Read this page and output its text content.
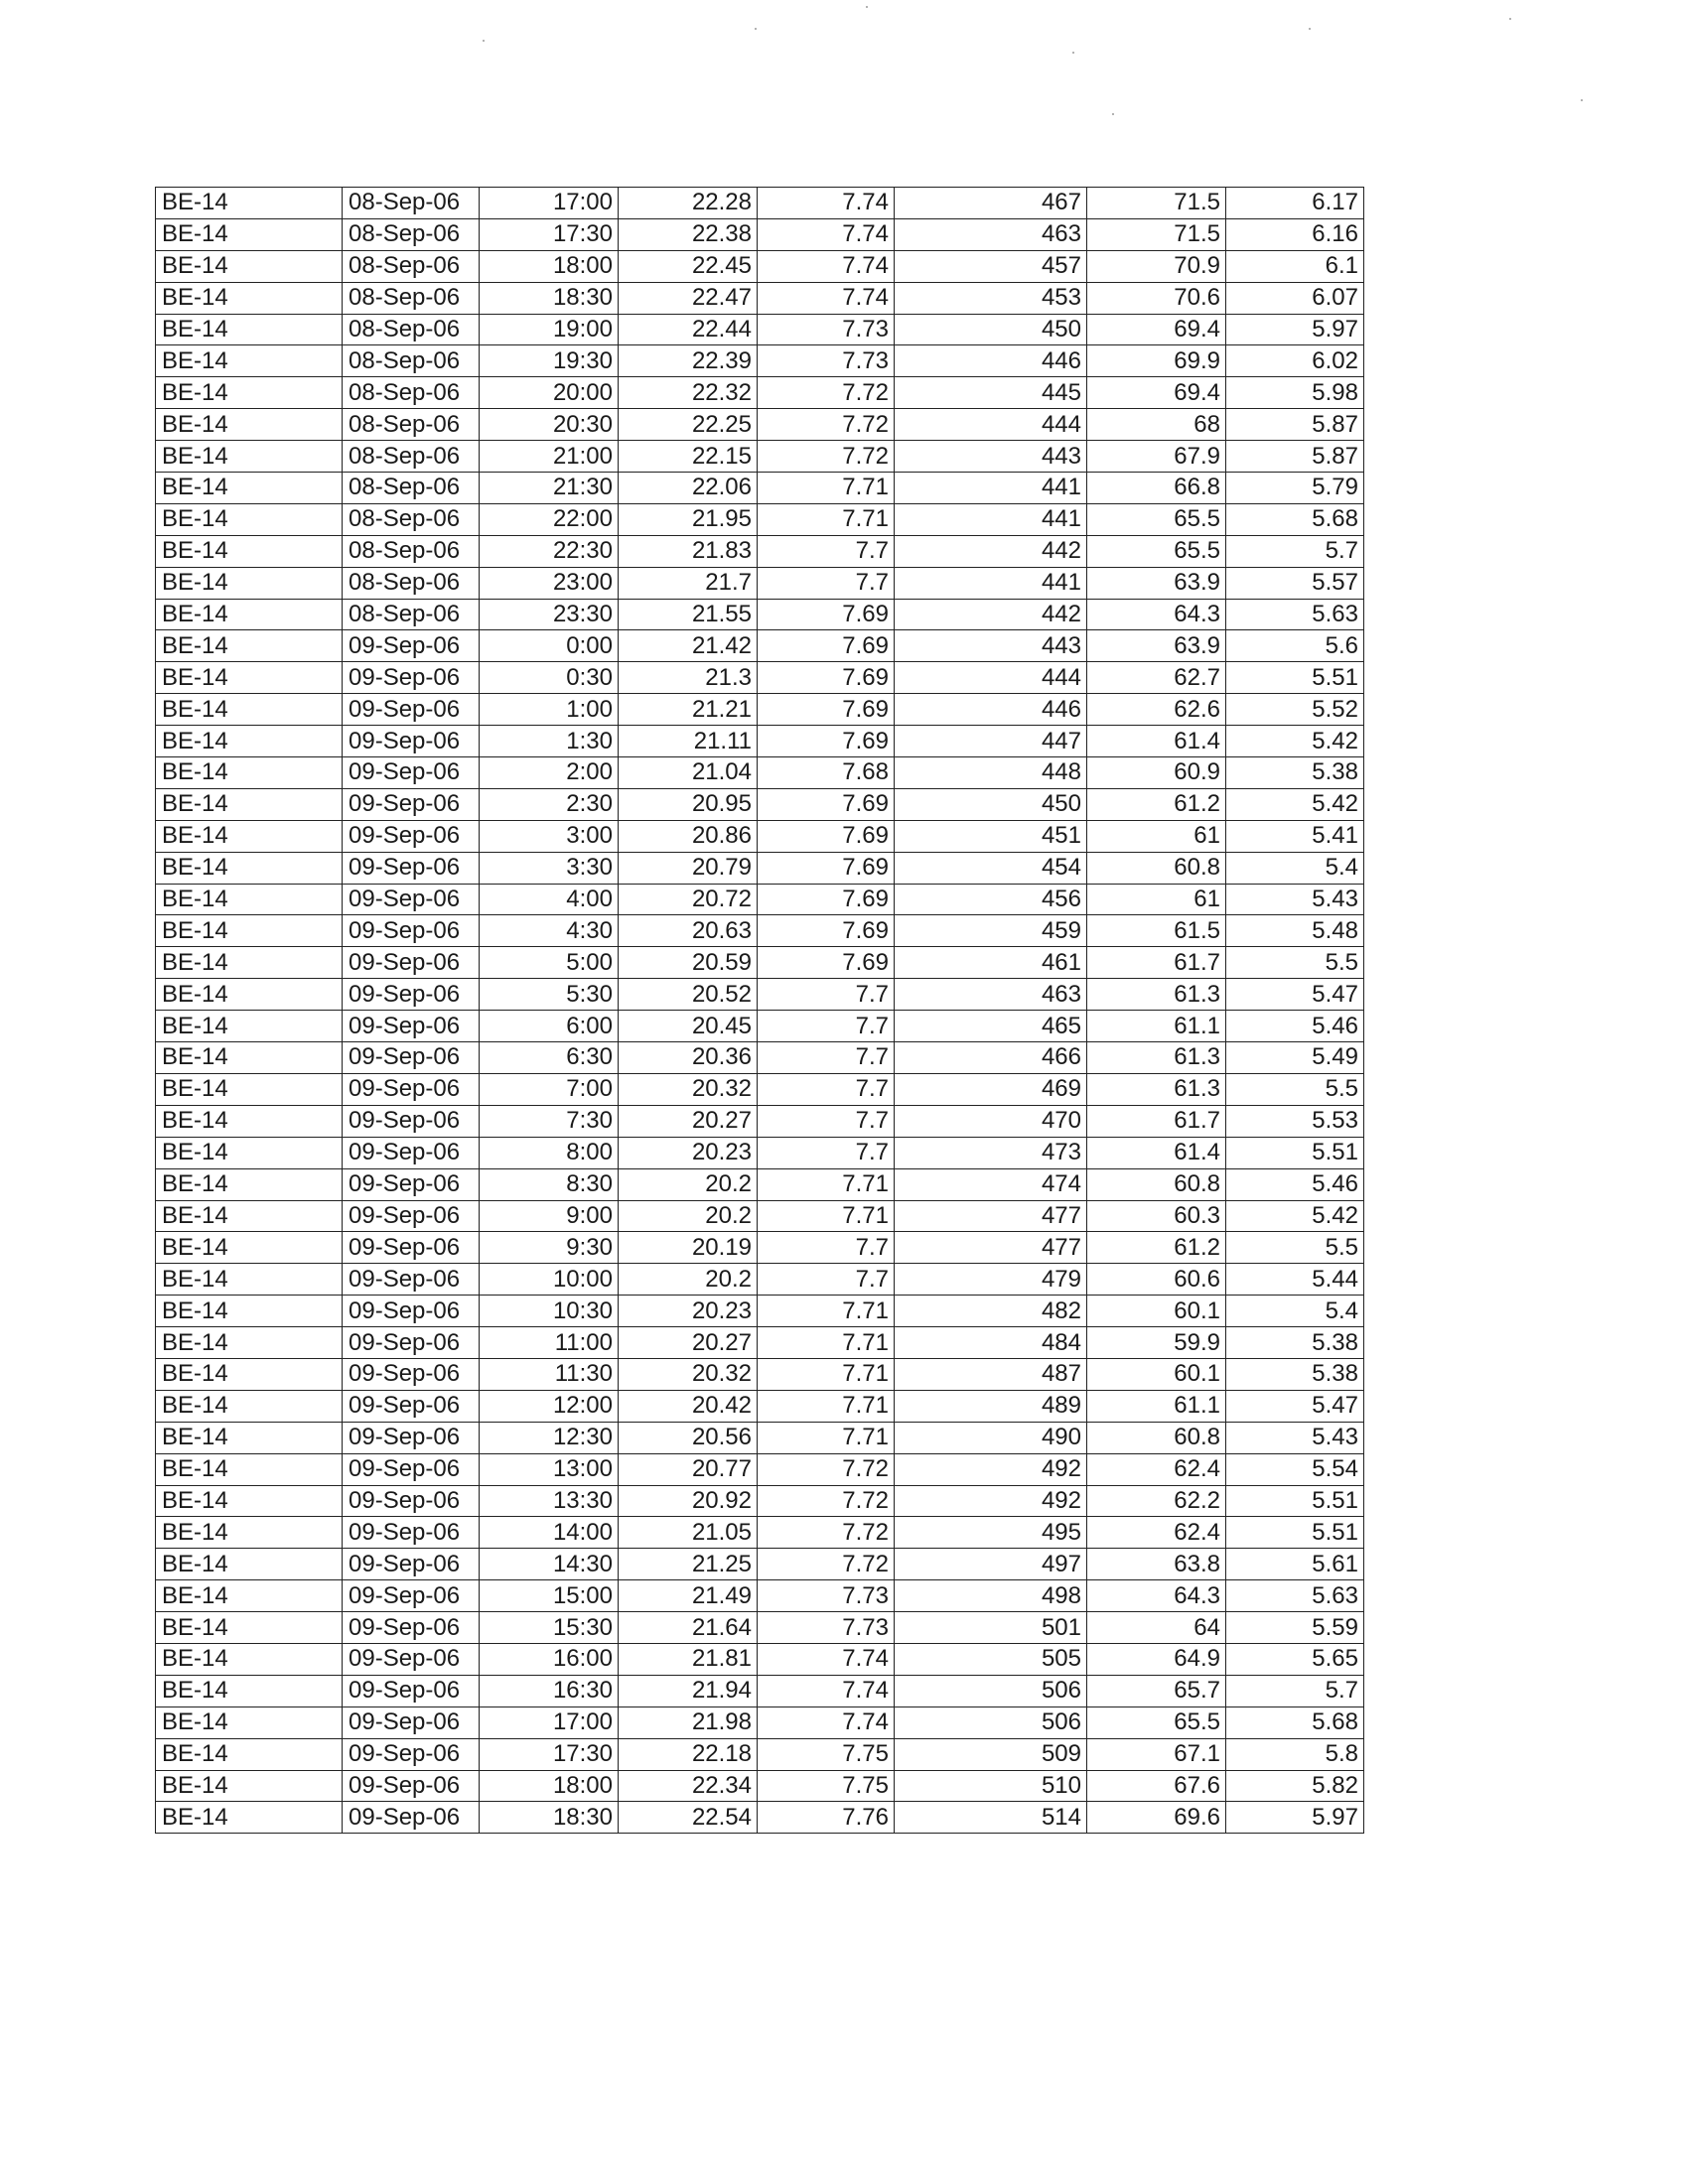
BE-14	08-Sep-06	17:00	22.28	7.74	467	71.5	6.17
BE-14	08-Sep-06	17:30	22.38	7.74	463	71.5	6.16
BE-14	08-Sep-06	18:00	22.45	7.74	457	70.9	6.1
BE-14	08-Sep-06	18:30	22.47	7.74	453	70.6	6.07
BE-14	08-Sep-06	19:00	22.44	7.73	450	69.4	5.97
BE-14	08-Sep-06	19:30	22.39	7.73	446	69.9	6.02
BE-14	08-Sep-06	20:00	22.32	7.72	445	69.4	5.98
BE-14	08-Sep-06	20:30	22.25	7.72	444	68	5.87
BE-14	08-Sep-06	21:00	22.15	7.72	443	67.9	5.87
BE-14	08-Sep-06	21:30	22.06	7.71	441	66.8	5.79
BE-14	08-Sep-06	22:00	21.95	7.71	441	65.5	5.68
BE-14	08-Sep-06	22:30	21.83	7.7	442	65.5	5.7
BE-14	08-Sep-06	23:00	21.7	7.7	441	63.9	5.57
BE-14	08-Sep-06	23:30	21.55	7.69	442	64.3	5.63
BE-14	09-Sep-06	0:00	21.42	7.69	443	63.9	5.6
BE-14	09-Sep-06	0:30	21.3	7.69	444	62.7	5.51
BE-14	09-Sep-06	1:00	21.21	7.69	446	62.6	5.52
BE-14	09-Sep-06	1:30	21.11	7.69	447	61.4	5.42
BE-14	09-Sep-06	2:00	21.04	7.68	448	60.9	5.38
BE-14	09-Sep-06	2:30	20.95	7.69	450	61.2	5.42
BE-14	09-Sep-06	3:00	20.86	7.69	451	61	5.41
BE-14	09-Sep-06	3:30	20.79	7.69	454	60.8	5.4
BE-14	09-Sep-06	4:00	20.72	7.69	456	61	5.43
BE-14	09-Sep-06	4:30	20.63	7.69	459	61.5	5.48
BE-14	09-Sep-06	5:00	20.59	7.69	461	61.7	5.5
BE-14	09-Sep-06	5:30	20.52	7.7	463	61.3	5.47
BE-14	09-Sep-06	6:00	20.45	7.7	465	61.1	5.46
BE-14	09-Sep-06	6:30	20.36	7.7	466	61.3	5.49
BE-14	09-Sep-06	7:00	20.32	7.7	469	61.3	5.5
BE-14	09-Sep-06	7:30	20.27	7.7	470	61.7	5.53
BE-14	09-Sep-06	8:00	20.23	7.7	473	61.4	5.51
BE-14	09-Sep-06	8:30	20.2	7.71	474	60.8	5.46
BE-14	09-Sep-06	9:00	20.2	7.71	477	60.3	5.42
BE-14	09-Sep-06	9:30	20.19	7.7	477	61.2	5.5
BE-14	09-Sep-06	10:00	20.2	7.7	479	60.6	5.44
BE-14	09-Sep-06	10:30	20.23	7.71	482	60.1	5.4
BE-14	09-Sep-06	11:00	20.27	7.71	484	59.9	5.38
BE-14	09-Sep-06	11:30	20.32	7.71	487	60.1	5.38
BE-14	09-Sep-06	12:00	20.42	7.71	489	61.1	5.47
BE-14	09-Sep-06	12:30	20.56	7.71	490	60.8	5.43
BE-14	09-Sep-06	13:00	20.77	7.72	492	62.4	5.54
BE-14	09-Sep-06	13:30	20.92	7.72	492	62.2	5.51
BE-14	09-Sep-06	14:00	21.05	7.72	495	62.4	5.51
BE-14	09-Sep-06	14:30	21.25	7.72	497	63.8	5.61
BE-14	09-Sep-06	15:00	21.49	7.73	498	64.3	5.63
BE-14	09-Sep-06	15:30	21.64	7.73	501	64	5.59
BE-14	09-Sep-06	16:00	21.81	7.74	505	64.9	5.65
BE-14	09-Sep-06	16:30	21.94	7.74	506	65.7	5.7
BE-14	09-Sep-06	17:00	21.98	7.74	506	65.5	5.68
BE-14	09-Sep-06	17:30	22.18	7.75	509	67.1	5.8
BE-14	09-Sep-06	18:00	22.34	7.75	510	67.6	5.82
BE-14	09-Sep-06	18:30	22.54	7.76	514	69.6	5.97
